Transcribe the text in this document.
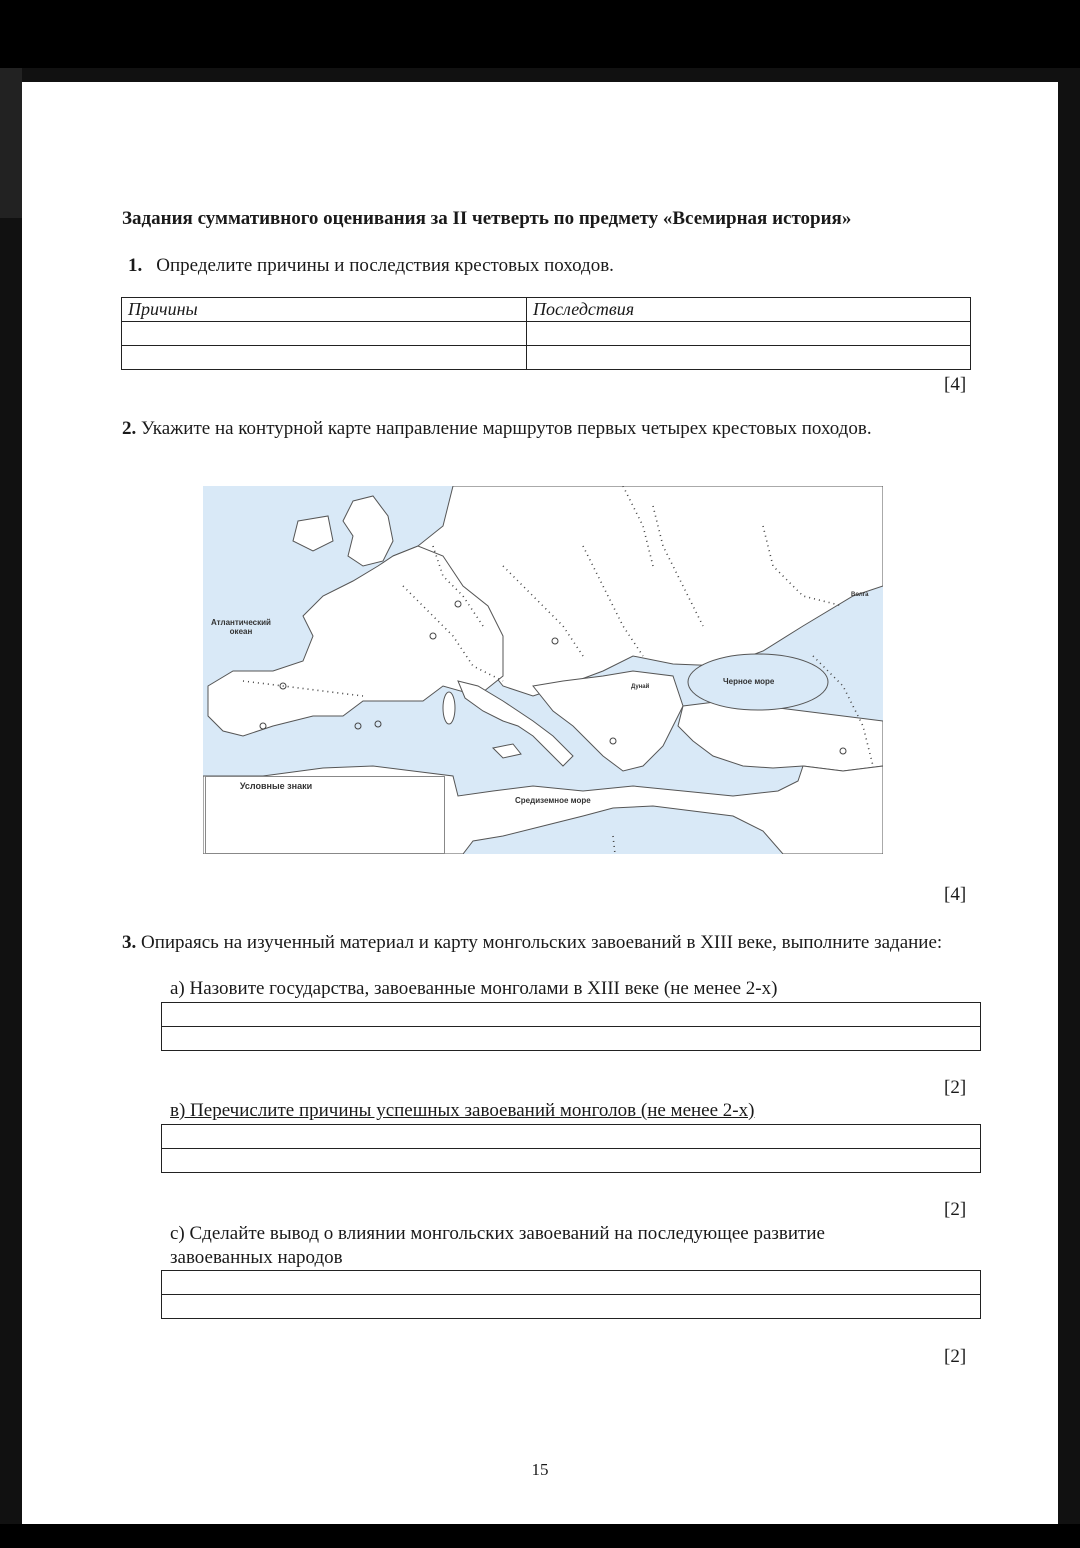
Задания суммативного оценивания за II четверть по предмету «Всемирная история»
1. Определите причины и последствия крестовых походов.
Причины	Последствия

[4]
2. Укажите на контурной карте направление маршрутов первых четырех крестовых походов.
Атлантический
океан
Черное море
Средиземное море
Дунай
Волга
Условные знаки
[4]
3. Опираясь на изученный материал и карту монгольских завоеваний в XIII веке, выполните задание:
а) Назовите государства, завоеванные монголами в XIII веке (не менее 2-х)

[2]
в) Перечислите причины успешных завоеваний монголов (не менее 2-х)

[2]
с) Сделайте вывод о влиянии монгольских завоеваний на последующее развитие
завоеванных народов

[2]
15
